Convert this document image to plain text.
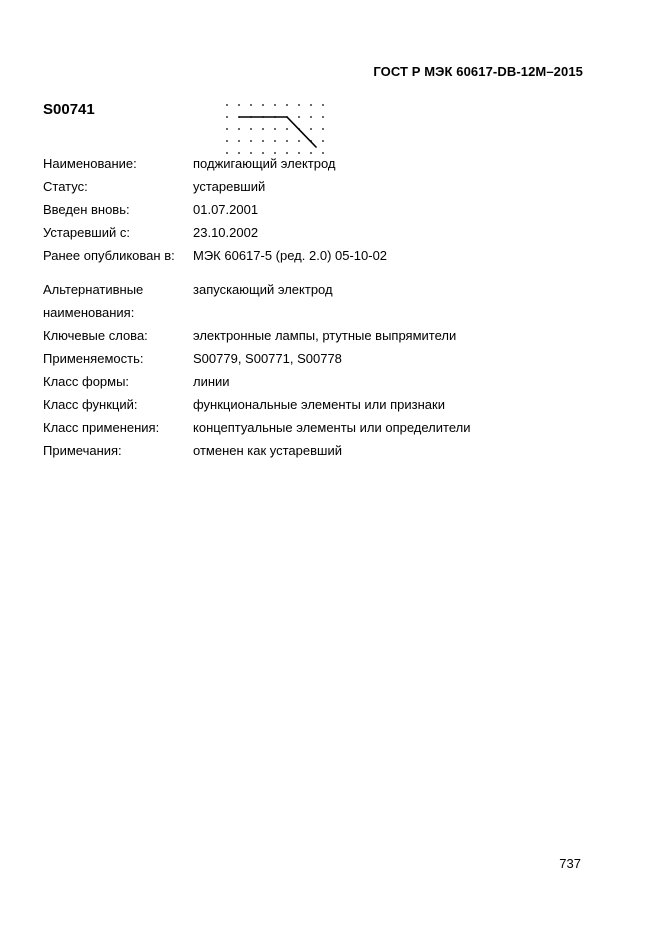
ГОСТ Р МЭК 60617-DB-12M–2015
S00741
Наименование:	поджигающий электрод
Статус:	устаревший
Введен вновь:	01.07.2001
Устаревший с:	23.10.2002
Ранее опубликован в:	МЭК 60617-5 (ред. 2.0) 05-10-02
Альтернативные	запускающий электрод
наименования:
Ключевые слова:	электронные лампы, ртутные выпрямители
Применяемость:	S00779, S00771, S00778
Класс формы:	линии
Класс функций:	функциональные элементы или признаки
Класс применения:	концептуальные элементы или определители
Примечания:	отменен как устаревший
737
